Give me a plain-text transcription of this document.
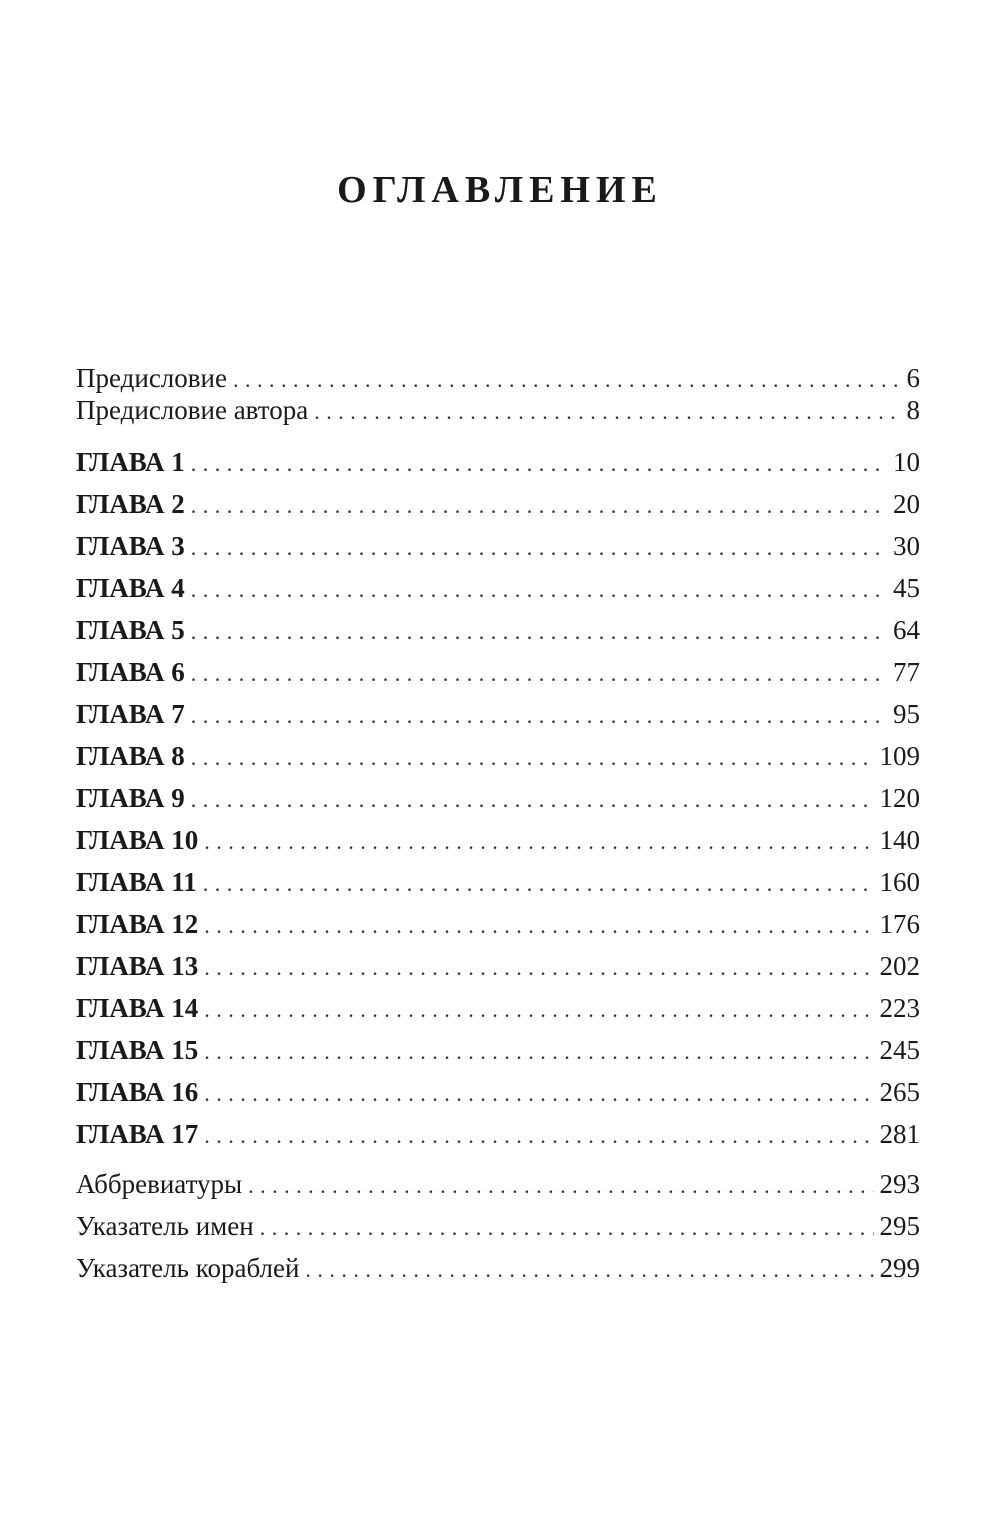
ОГЛАВЛЕНИЕ
Предисловие . . .	6
Предисловие автора . . .	8
ГЛАВА 1 . . .	10
ГЛАВА 2 . . .	20
ГЛАВА 3 . . .	30
ГЛАВА 4 . . .	45
ГЛАВА 5 . . .	64
ГЛАВА 6 . . .	77
ГЛАВА 7 . . .	95
ГЛАВА 8 . . .	109
ГЛАВА 9 . . .	120
ГЛАВА 10 . . .	140
ГЛАВА 11 . . .	160
ГЛАВА 12 . . .	176
ГЛАВА 13 . . .	202
ГЛАВА 14 . . .	223
ГЛАВА 15 . . .	245
ГЛАВА 16 . . .	265
ГЛАВА 17 . . .	281
Аббревиатуры . . .	293
Указатель имен . . .	295
Указатель кораблей . . .	299
